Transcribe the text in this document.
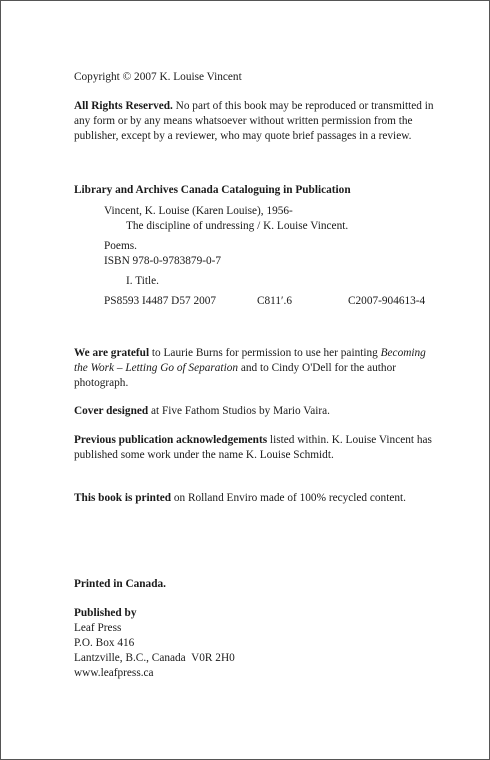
Copyright © 2007 K. Louise Vincent
All Rights Reserved. No part of this book may be reproduced or transmitted in any form or by any means whatsoever without written permission from the publisher, except by a reviewer, who may quote brief passages in a review.
Library and Archives Canada Cataloguing in Publication
Vincent, K. Louise (Karen Louise), 1956-
The discipline of undressing / K. Louise Vincent.
Poems.
ISBN 978-0-9783879-0-7
I. Title.
PS8593 I4487 D57 2007	C811′.6	C2007-904613-4
We are grateful to Laurie Burns for permission to use her painting Becoming the Work – Letting Go of Separation and to Cindy O'Dell for the author photograph.
Cover designed at Five Fathom Studios by Mario Vaira.
Previous publication acknowledgements listed within. K. Louise Vincent has published some work under the name K. Louise Schmidt.
This book is printed on Rolland Enviro made of 100% recycled content.
Printed in Canada.
Published by
Leaf Press
P.O. Box 416
Lantzville, B.C., Canada  V0R 2H0
www.leafpress.ca
